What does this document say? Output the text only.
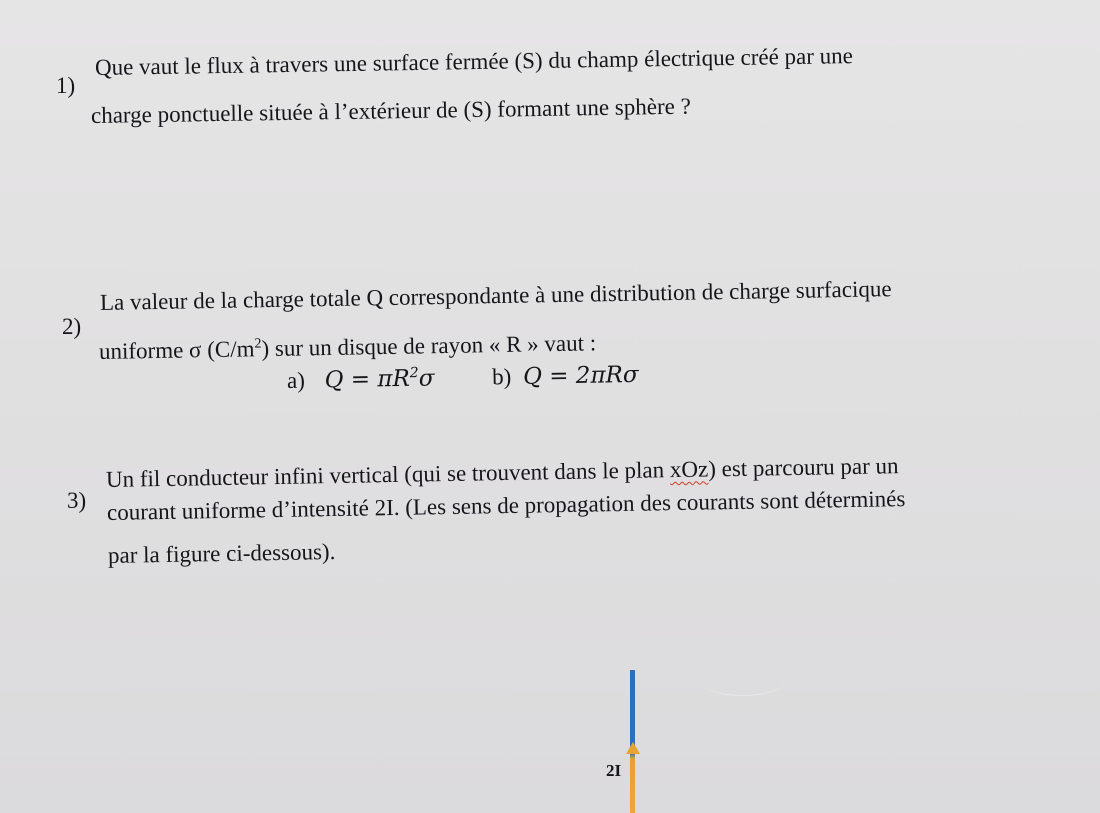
1)
Que vaut le flux à travers une surface fermée (S) du champ électrique créé par une
charge ponctuelle située à l’extérieur de (S) formant une sphère ?
2)
La valeur de la charge totale Q correspondante à une distribution de charge surfacique
uniforme σ $(C/m^2)$ sur un disque de rayon « R » vaut :
a) $Q = \pi R^2\sigma$ b) Q = 2πRσ
3)
Un fil conducteur infini vertical (qui se trouvent dans le plan xOz) est parcouru par un
courant uniforme d’intensité 2I. (Les sens de propagation des courants sont déterminés
par la figure ci-dessous).
2I
